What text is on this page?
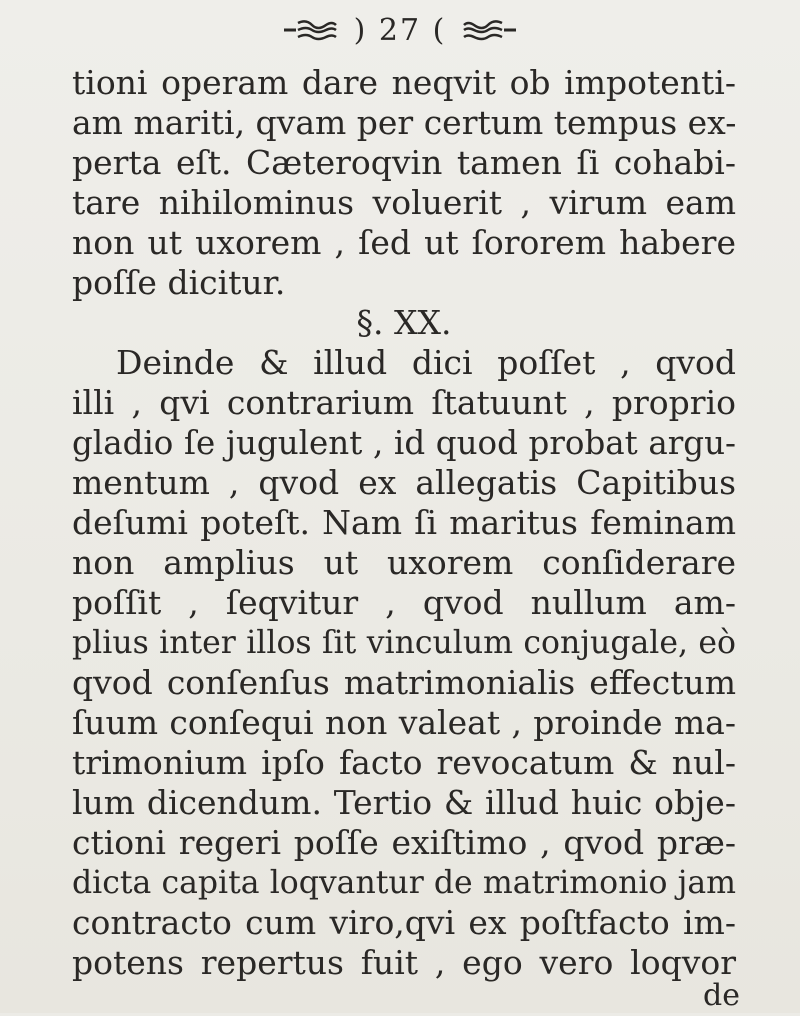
) 27 (
tioni operam dare neqvit ob impotenti-
am mariti, qvam per certum tempus ex-
perta eſt. Cæteroqvin tamen ſi cohabi-
tare nihilominus voluerit , virum eam
non ut uxorem , ſed ut ſororem habere
poſſe dicitur.
§. XX.
Deinde & illud dici poſſet , qvod
illi , qvi contrarium ſtatuunt , proprio
gladio ſe jugulent , id quod probat argu-
mentum , qvod ex allegatis Capitibus
deſumi poteſt. Nam ſi maritus feminam
non amplius ut uxorem conſiderare
poſſit , ſeqvitur , qvod nullum am-
plius inter illos ſit vinculum conjugale, eò
qvod conſenſus matrimonialis effectum
ſuum conſequi non valeat , proinde ma-
trimonium ipſo facto revocatum & nul-
lum dicendum. Tertio & illud huic obje-
ctioni regeri poſſe exiſtimo , qvod præ-
dicta capita loqvantur de matrimonio jam
contracto cum viro,qvi ex poſtfacto im-
potens repertus fuit , ego vero loqvor
de
